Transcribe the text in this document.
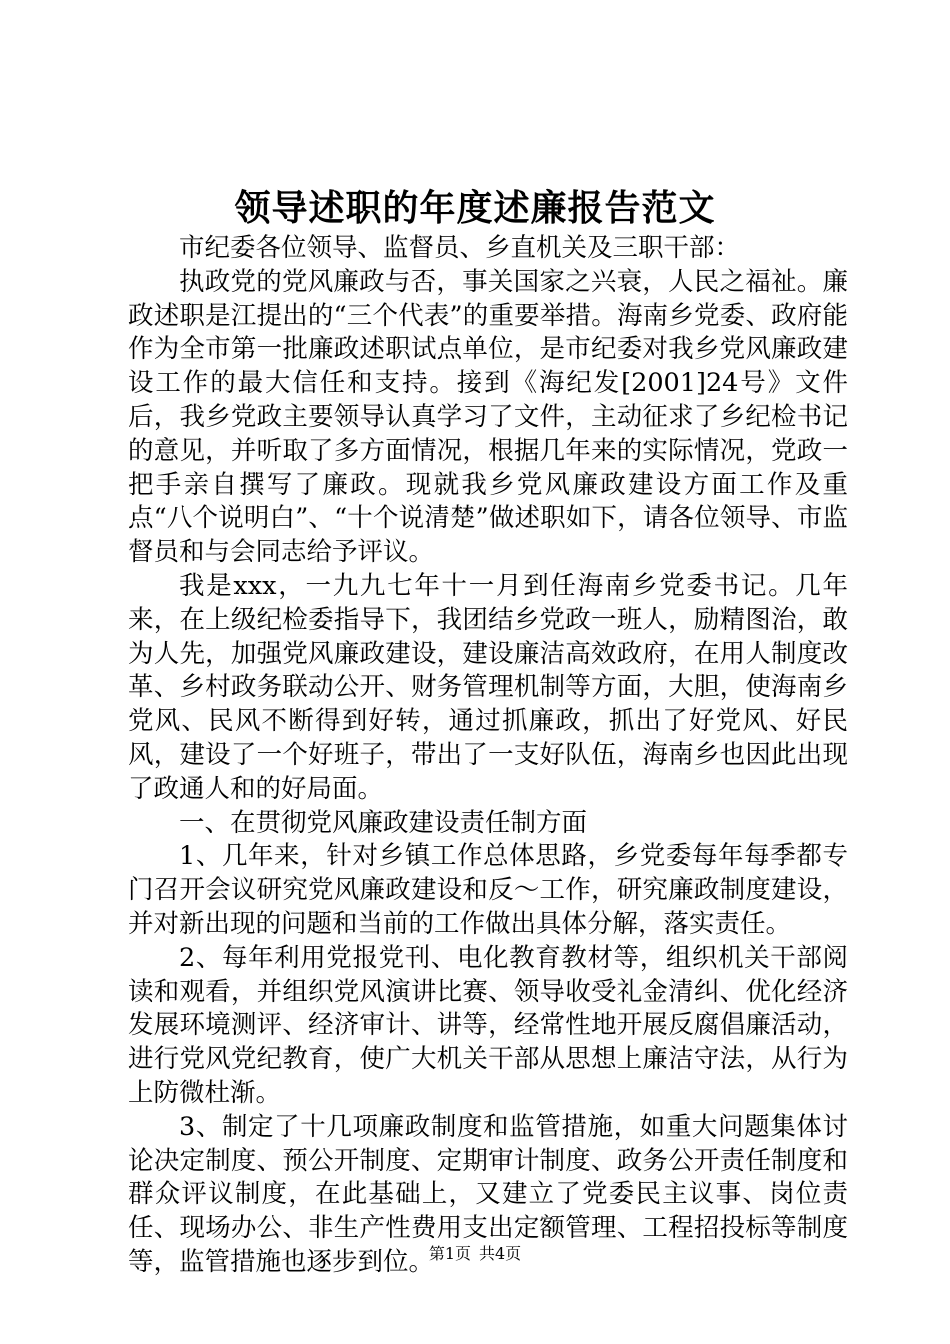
领导述职的年度述廉报告范文

市纪委各位领导、监督员、乡直机关及三职干部：

执政党的党风廉政与否，事关国家之兴衰，人民之福祉。廉政述职是江提出的“三个代表”的重要举措。海南乡党委、政府能作为全市第一批廉政述职试点单位，是市纪委对我乡党风廉政建设工作的最大信任和支持。接到《海纪发[2001]24号》文件后，我乡党政主要领导认真学习了文件，主动征求了乡纪检书记的意见，并听取了多方面情况，根据几年来的实际情况，党政一把手亲自撰写了廉政。现就我乡党风廉政建设方面工作及重点“八个说明白”、“十个说清楚”做述职如下，请各位领导、市监督员和与会同志给予评议。

我是xxx，一九九七年十一月到任海南乡党委书记。几年来，在上级纪检委指导下，我团结乡党政一班人，励精图治，敢为人先，加强党风廉政建设，建设廉洁高效政府，在用人制度改革、乡村政务联动公开、财务管理机制等方面，大胆，使海南乡党风、民风不断得到好转，通过抓廉政，抓出了好党风、好民风，建设了一个好班子，带出了一支好队伍，海南乡也因此出现了政通人和的好局面。

一、在贯彻党风廉政建设责任制方面

1、几年来，针对乡镇工作总体思路，乡党委每年每季都专门召开会议研究党风廉政建设和反～工作，研究廉政制度建设，并对新出现的问题和当前的工作做出具体分解，落实责任。

2、每年利用党报党刊、电化教育教材等，组织机关干部阅读和观看，并组织党风演讲比赛、领导收受礼金清纠、优化经济发展环境测评、经济审计、讲等，经常性地开展反腐倡廉活动，进行党风党纪教育，使广大机关干部从思想上廉洁守法，从行为上防微杜渐。

3、制定了十几项廉政制度和监管措施，如重大问题集体讨论决定制度、预公开制度、定期审计制度、政务公开责任制度和群众评议制度，在此基础上，又建立了党委民主议事、岗位责任、现场办公、非生产性费用支出定额管理、工程招投标等制度等，监管措施也逐步到位。

第1页 共4页
